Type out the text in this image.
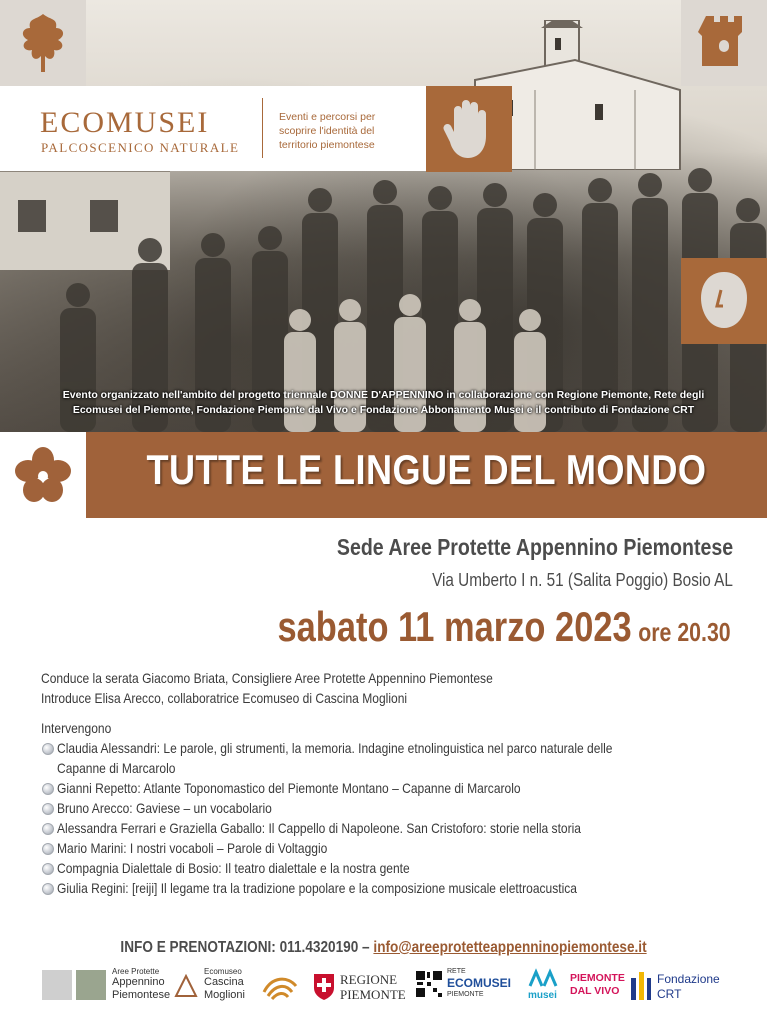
ECOMUSEI
PALCOSCENICO NATURALE
Eventi e percorsi per
scoprire l'identità del
territorio piemontese
Evento organizzato nell'ambito del progetto triennale DONNE D'APPENNINO in collaborazione con Regione Piemonte, Rete degli
Ecomusei del Piemonte, Fondazione Piemonte dal Vivo e Fondazione Abbonamento Musei e il contributo di Fondazione CRT
TUTTE LE LINGUE DEL MONDO
Sede Aree Protette Appennino Piemontese
Via Umberto I n. 51 (Salita Poggio) Bosio AL
sabato 11 marzo 2023 ore 20.30
Conduce la serata Giacomo Briata, Consigliere Aree Protette Appennino Piemontese
Introduce Elisa Arecco, collaboratrice Ecomuseo di Cascina Moglioni
Intervengono
Claudia Alessandri: Le parole, gli strumenti, la memoria. Indagine etnolinguistica nel parco naturale delle
Capanne di Marcarolo
Gianni Repetto: Atlante Toponomastico del Piemonte Montano – Capanne di Marcarolo
Bruno Arecco: Gaviese – un vocabolario
Alessandra Ferrari e Graziella Gaballo: Il Cappello di Napoleone. San Cristoforo: storie nella storia
Mario Marini: I nostri vocaboli – Parole di Voltaggio
Compagnia Dialettale di Bosio: Il teatro dialettale e la nostra gente
Giulia Regini: [reiji] Il legame tra la tradizione popolare e la composizione musicale elettroacustica
INFO E PRENOTAZIONI: 011.4320190 – info@areeprotetteappenninopiemontese.it
Aree Protette
Appennino
Piemontese
Ecomuseo
Cascina
Moglioni
REGIONE
PIEMONTE
RETE
ECOMUSEI
PIEMONTE	musei
PIEMONTE
DAL VIVO
Fondazione
CRT
